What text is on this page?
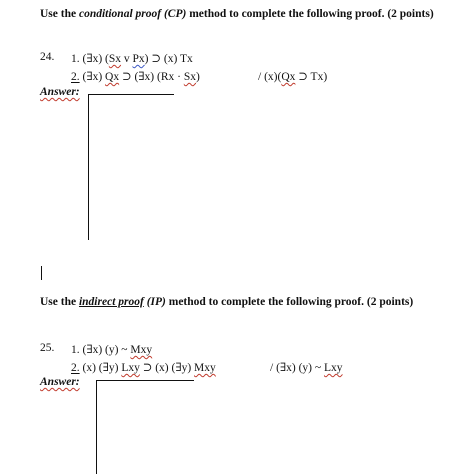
Use the conditional proof (CP) method to complete the following proof. (2 points)
24. 1. (∃x) (Sx v Px) ⊃ (x) Tx
2. (∃x) Qx ⊃ (∃x) (Rx · Sx)	/ (x)(Qx ⊃ Tx)
Answer:
Use the indirect proof (IP) method to complete the following proof. (2 points)
25. 1. (∃x) (y) ~ Mxy
2. (x) (∃y) Lxy ⊃ (x) (∃y) Mxy	/ (∃x) (y) ~ Lxy
Answer:
